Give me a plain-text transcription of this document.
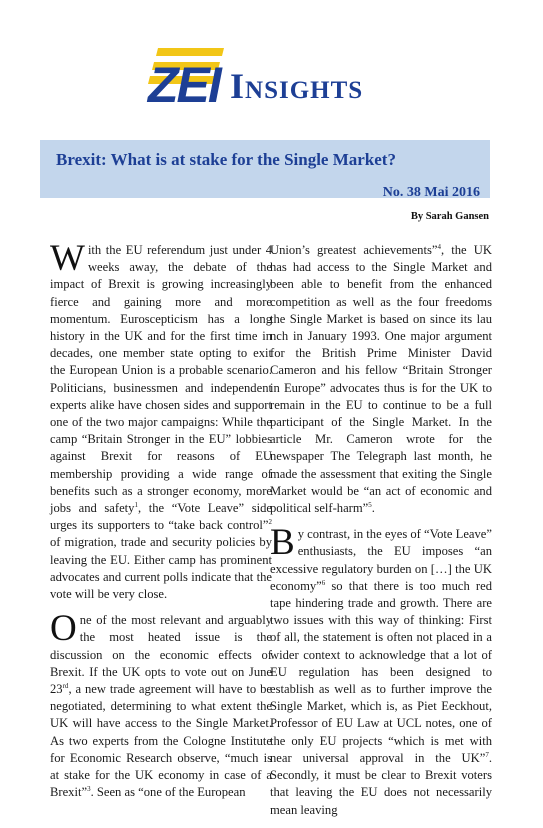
ZEI Insights
Brexit: What is at stake for the Single Market?
No. 38 Mai 2016
By Sarah Gansen

With the EU referendum just under 4 weeks away, the debate of the impact of Brexit is growing increasingly fierce and gaining more and more momentum. Euroscepticism has a long history in the UK and for the first time in decades, one member state opting to exit the European Union is a probable scenario. Politicians, businessmen and independent experts alike have chosen sides and support one of the two major campaigns: While the camp “Britain Stronger in the EU” lobbies against Brexit for reasons of EU membership providing a wide range of benefits such as a stronger economy, more jobs and safety$^1$, the “Vote Leave” side urges its supporters to “take back control”$^2$ of migration, trade and security policies by leaving the EU. Either camp has prominent advocates and current polls indicate that the vote will be very close.

One of the most relevant and arguably the most heated issue is the discussion on the economic effects of Brexit. If the UK opts to vote out on June 23rd, a new trade agreement will have to be negotiated, determining to what extent the UK will have access to the Single Market. As two experts from the Cologne Institute for Economic Research observe, “much is at stake for the UK economy in case of a Brexit”$^3$. Seen as “one of the European

Union’s greatest achievements”$^4$, the UK has had access to the Single Market and been able to benefit from the enhanced competition as well as the four freedoms the Single Market is based on since its lau nch in January 1993. One major argument for the British Prime Minister David Cameron and his fellow “Britain Stronger in Europe” advocates thus is for the UK to remain in the EU to continue to be a full participant of the Single Market. In the article Mr. Cameron wrote for the newspaper The Telegraph last month, he made the assessment that exiting the Single Market would be “an act of economic and political self-harm”$^5$.

By contrast, in the eyes of “Vote Leave” enthusiasts, the EU imposes “an excessive regulatory burden on […] the UK economy”$^6$ so that there is too much red tape hindering trade and growth. There are two issues with this way of thinking: First of all, the statement is often not placed in a wider context to acknowledge that a lot of EU regulation has been designed to establish as well as to further improve the Single Market, which is, as Piet Eeckhout, Professor of EU Law at UCL notes, one of the only EU projects “which is met with near universal approval in the UK”$^7$. Secondly, it must be clear to Brexit voters that leaving the EU does not necessarily mean leaving
